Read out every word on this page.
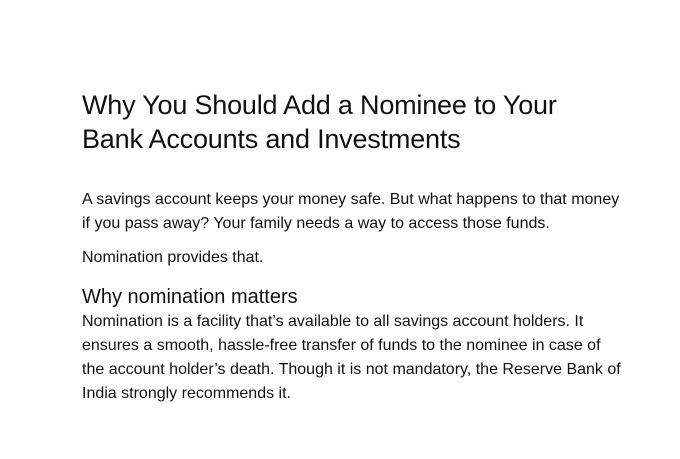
Why You Should Add a Nominee to Your Bank Accounts and Investments

A savings account keeps your money safe. But what happens to that money if you pass away? Your family needs a way to access those funds.

Nomination provides that.

Why nomination matters

Nomination is a facility that’s available to all savings account holders. It ensures a smooth, hassle-free transfer of funds to the nominee in case of the account holder’s death. Though it is not mandatory, the Reserve Bank of India strongly recommends it.
